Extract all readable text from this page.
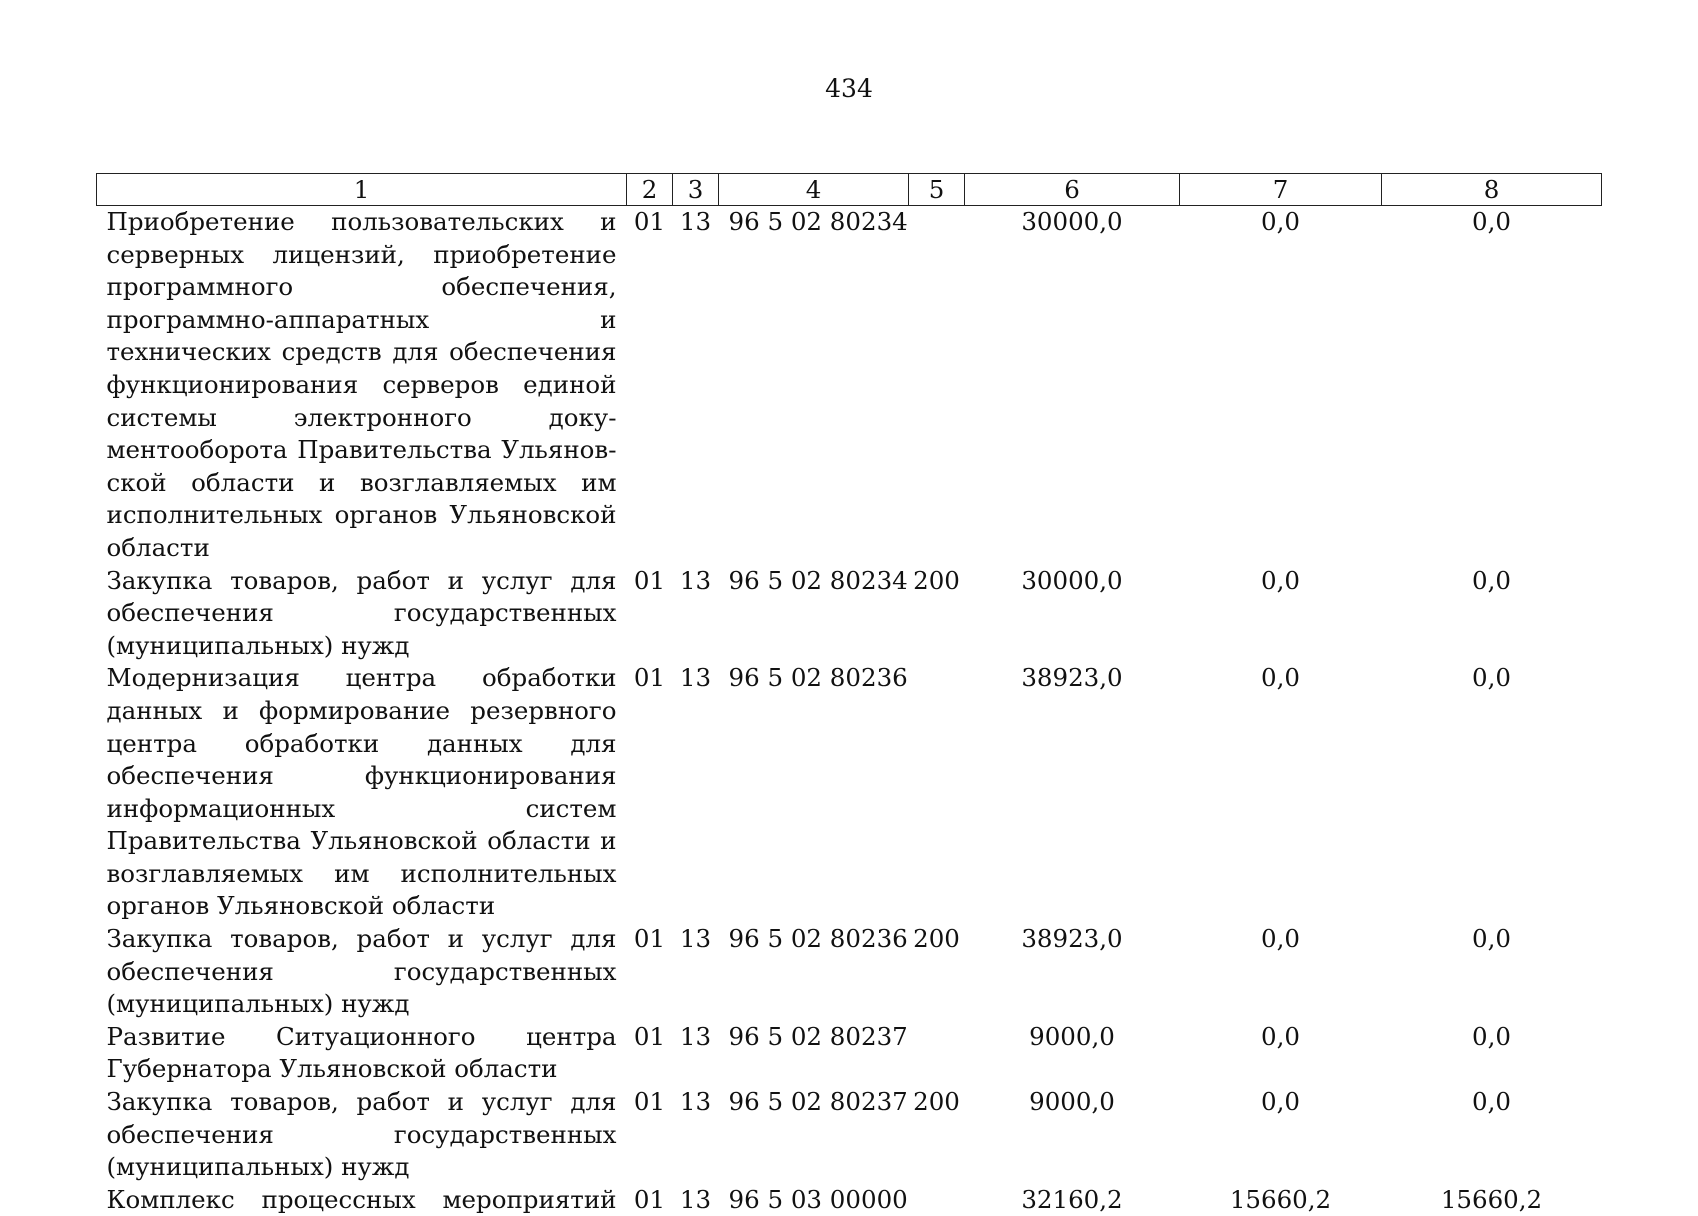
434
1	2	3	4	5	6	7	8
Приобретение пользовательских и серверных лицензий, приобретение программного обеспечения, программно-аппаратных и технических средств для обеспечения функционирования серверов единой системы электронного документооборота Правительства Ульяновской области и возглавляемых им исполнительных органов Ульяновской области	01	13	96 5 02 80234		30000,0	0,0	0,0
Закупка товаров, работ и услуг для обеспечения государственных (муниципальных) нужд	01	13	96 5 02 80234	200	30000,0	0,0	0,0
Модернизация центра обработки данных и формирование резервного центра обработки данных для обеспечения функционирования информационных систем Правительства Ульяновской области и возглавляемых им исполнительных органов Ульяновской области	01	13	96 5 02 80236		38923,0	0,0	0,0
Закупка товаров, работ и услуг для обеспечения государственных (муниципальных) нужд	01	13	96 5 02 80236	200	38923,0	0,0	0,0
Развитие Ситуационного центра Губернатора Ульяновской области	01	13	96 5 02 80237		9000,0	0,0	0,0
Закупка товаров, работ и услуг для обеспечения государственных (муниципальных) нужд	01	13	96 5 02 80237	200	9000,0	0,0	0,0
Комплекс процессных мероприятий	01	13	96 5 03 00000		32160,2	15660,2	15660,2
